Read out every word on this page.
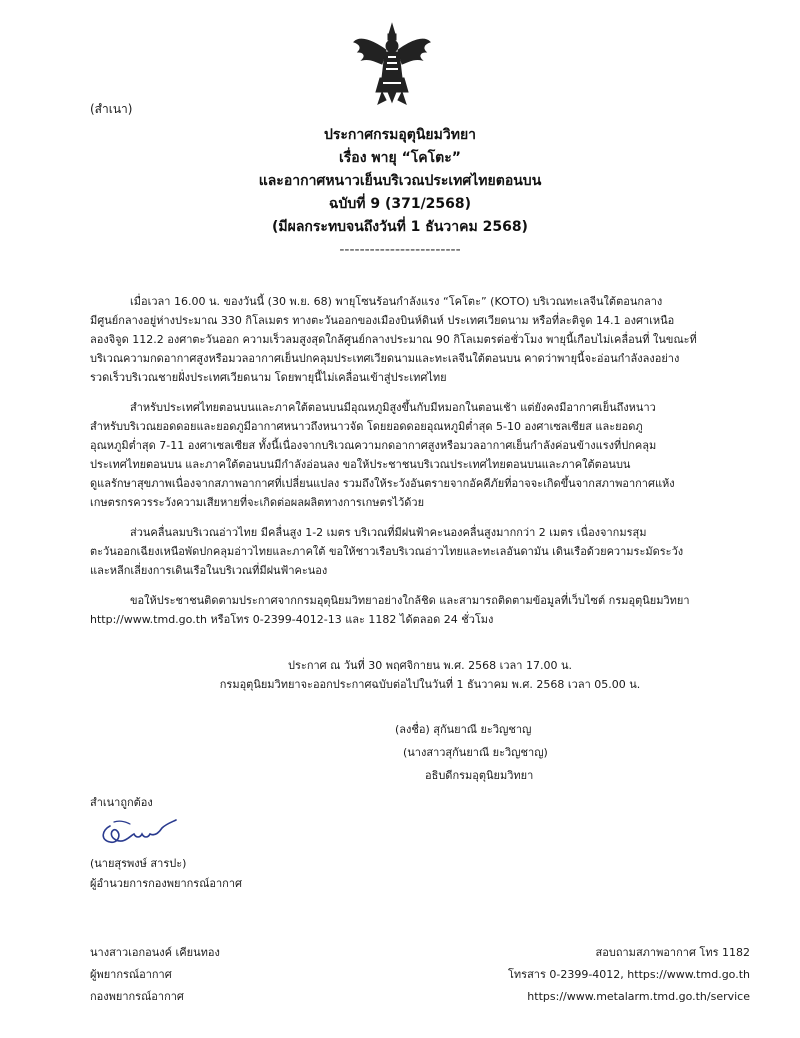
(สำเนา)
ประกาศกรมอุตุนิยมวิทยา
เรื่อง พายุ “โคโตะ”
และอากาศหนาวเย็นบริเวณประเทศไทยตอนบน
ฉบับที่ 9 (371/2568)
(มีผลกระทบจนถึงวันที่ 1 ธันวาคม 2568)
------------------------
เมื่อเวลา 16.00 น. ของวันนี้ (30 พ.ย. 68) พายุโซนร้อนกำลังแรง “โคโตะ” (KOTO) บริเวณทะเลจีนใต้ตอนกลาง
มีศูนย์กลางอยู่ห่างประมาณ 330 กิโลเมตร ทางตะวันออกของเมืองบินห์ดินห์ ประเทศเวียดนาม หรือที่ละติจูด 14.1 องศาเหนือ
ลองจิจูด 112.2 องศาตะวันออก ความเร็วลมสูงสุดใกล้ศูนย์กลางประมาณ 90 กิโลเมตรต่อชั่วโมง พายุนี้เกือบไม่เคลื่อนที่ ในขณะที่
บริเวณความกดอากาศสูงหรือมวลอากาศเย็นปกคลุมประเทศเวียดนามและทะเลจีนใต้ตอนบน คาดว่าพายุนี้จะอ่อนกำลังลงอย่าง
รวดเร็วบริเวณชายฝั่งประเทศเวียดนาม โดยพายุนี้ไม่เคลื่อนเข้าสู่ประเทศไทย
สำหรับประเทศไทยตอนบนและภาคใต้ตอนบนมีอุณหภูมิสูงขึ้นกับมีหมอกในตอนเช้า แต่ยังคงมีอากาศเย็นถึงหนาว
สำหรับบริเวณยอดดอยและยอดภูมีอากาศหนาวถึงหนาวจัด โดยยอดดอยอุณหภูมิต่ำสุด 5-10 องศาเซลเซียส และยอดภู
อุณหภูมิต่ำสุด 7-11 องศาเซลเซียส ทั้งนี้เนื่องจากบริเวณความกดอากาศสูงหรือมวลอากาศเย็นกำลังค่อนข้างแรงที่ปกคลุม
ประเทศไทยตอนบน และภาคใต้ตอนบนมีกำลังอ่อนลง ขอให้ประชาชนบริเวณประเทศไทยตอนบนและภาคใต้ตอนบน
ดูแลรักษาสุขภาพเนื่องจากสภาพอากาศที่เปลี่ยนแปลง รวมถึงให้ระวังอันตรายจากอัคคีภัยที่อาจจะเกิดขึ้นจากสภาพอากาศแห้ง
เกษตรกรควรระวังความเสียหายที่จะเกิดต่อผลผลิตทางการเกษตรไว้ด้วย
ส่วนคลื่นลมบริเวณอ่าวไทย มีคลื่นสูง 1-2 เมตร บริเวณที่มีฝนฟ้าคะนองคลื่นสูงมากกว่า 2 เมตร เนื่องจากมรสุม
ตะวันออกเฉียงเหนือพัดปกคลุมอ่าวไทยและภาคใต้ ขอให้ชาวเรือบริเวณอ่าวไทยและทะเลอันดามัน เดินเรือด้วยความระมัดระวัง
และหลีกเลี่ยงการเดินเรือในบริเวณที่มีฝนฟ้าคะนอง
ขอให้ประชาชนติดตามประกาศจากกรมอุตุนิยมวิทยาอย่างใกล้ชิด และสามารถติดตามข้อมูลที่เว็บไซต์ กรมอุตุนิยมวิทยา
http://www.tmd.go.th หรือโทร 0-2399-4012-13 และ 1182 ได้ตลอด 24 ชั่วโมง
ประกาศ ณ วันที่ 30 พฤศจิกายน พ.ศ. 2568 เวลา 17.00 น.
กรมอุตุนิยมวิทยาจะออกประกาศฉบับต่อไปในวันที่ 1 ธันวาคม พ.ศ. 2568 เวลา 05.00 น.
(ลงชื่อ) สุกันยาณี ยะวิญชาญ
(นางสาวสุกันยาณี ยะวิญชาญ)
อธิบดีกรมอุตุนิยมวิทยา
สำเนาถูกต้อง
(นายสุรพงษ์ สารปะ)
ผู้อำนวยการกองพยากรณ์อากาศ
นางสาวเอกอนงค์ เคียนทอง
ผู้พยากรณ์อากาศ
กองพยากรณ์อากาศ
สอบถามสภาพอากาศ โทร 1182
โทรสาร 0-2399-4012, https://www.tmd.go.th
https://www.metalarm.tmd.go.th/service
